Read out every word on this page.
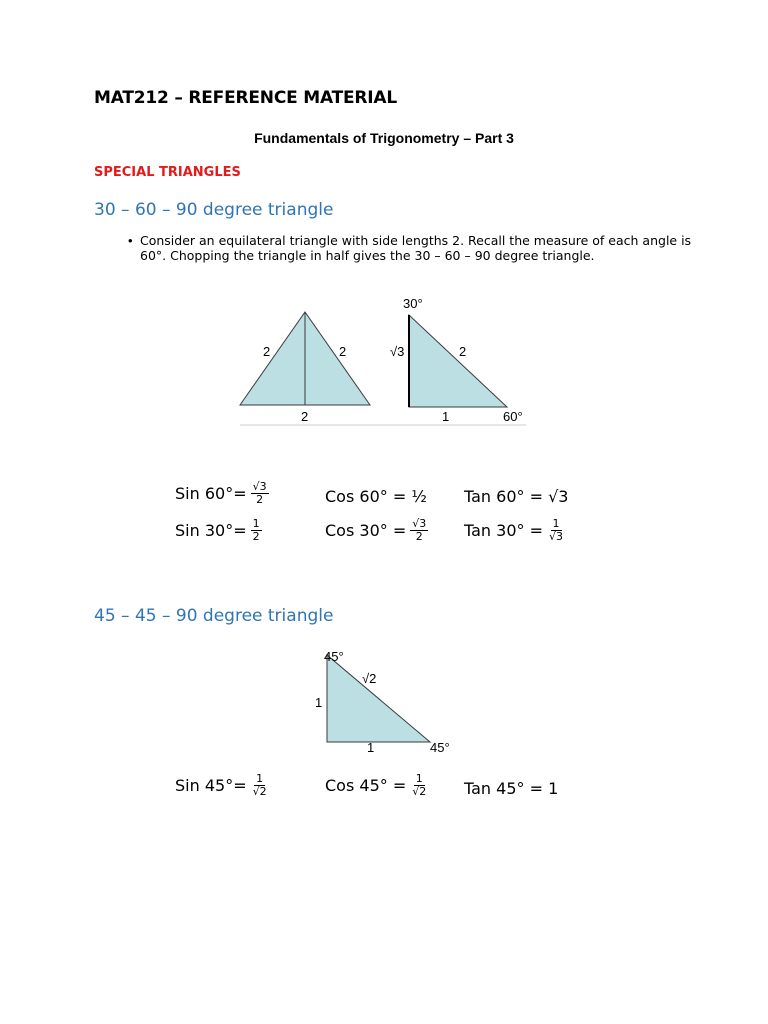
MAT212 – REFERENCE MATERIAL
Fundamentals of Trigonometry – Part 3
SPECIAL TRIANGLES
30 – 60 – 90 degree triangle
• Consider an equilateral triangle with side lengths 2. Recall the measure of each angle is 60°. Chopping the triangle in half gives the 30 – 60 – 90 degree triangle.
2	2
2
30°
√3	2
1	60°
Sin $60^\circ= \frac{√3}{2}$	Cos 60° = ½ Tan 60° = √3
Sin $30^\circ= \frac{1}{2}$	Cos $30^\circ = \frac{√3}{2}$ Tan $30^\circ = \frac{1}{√3}$
45 – 45 – 90 degree triangle
45°
√2
1
1	45°
Sin $45^\circ= \frac{1}{√2}$	Cos $45^\circ = \frac{1}{√2}$ Tan 45° = 1
